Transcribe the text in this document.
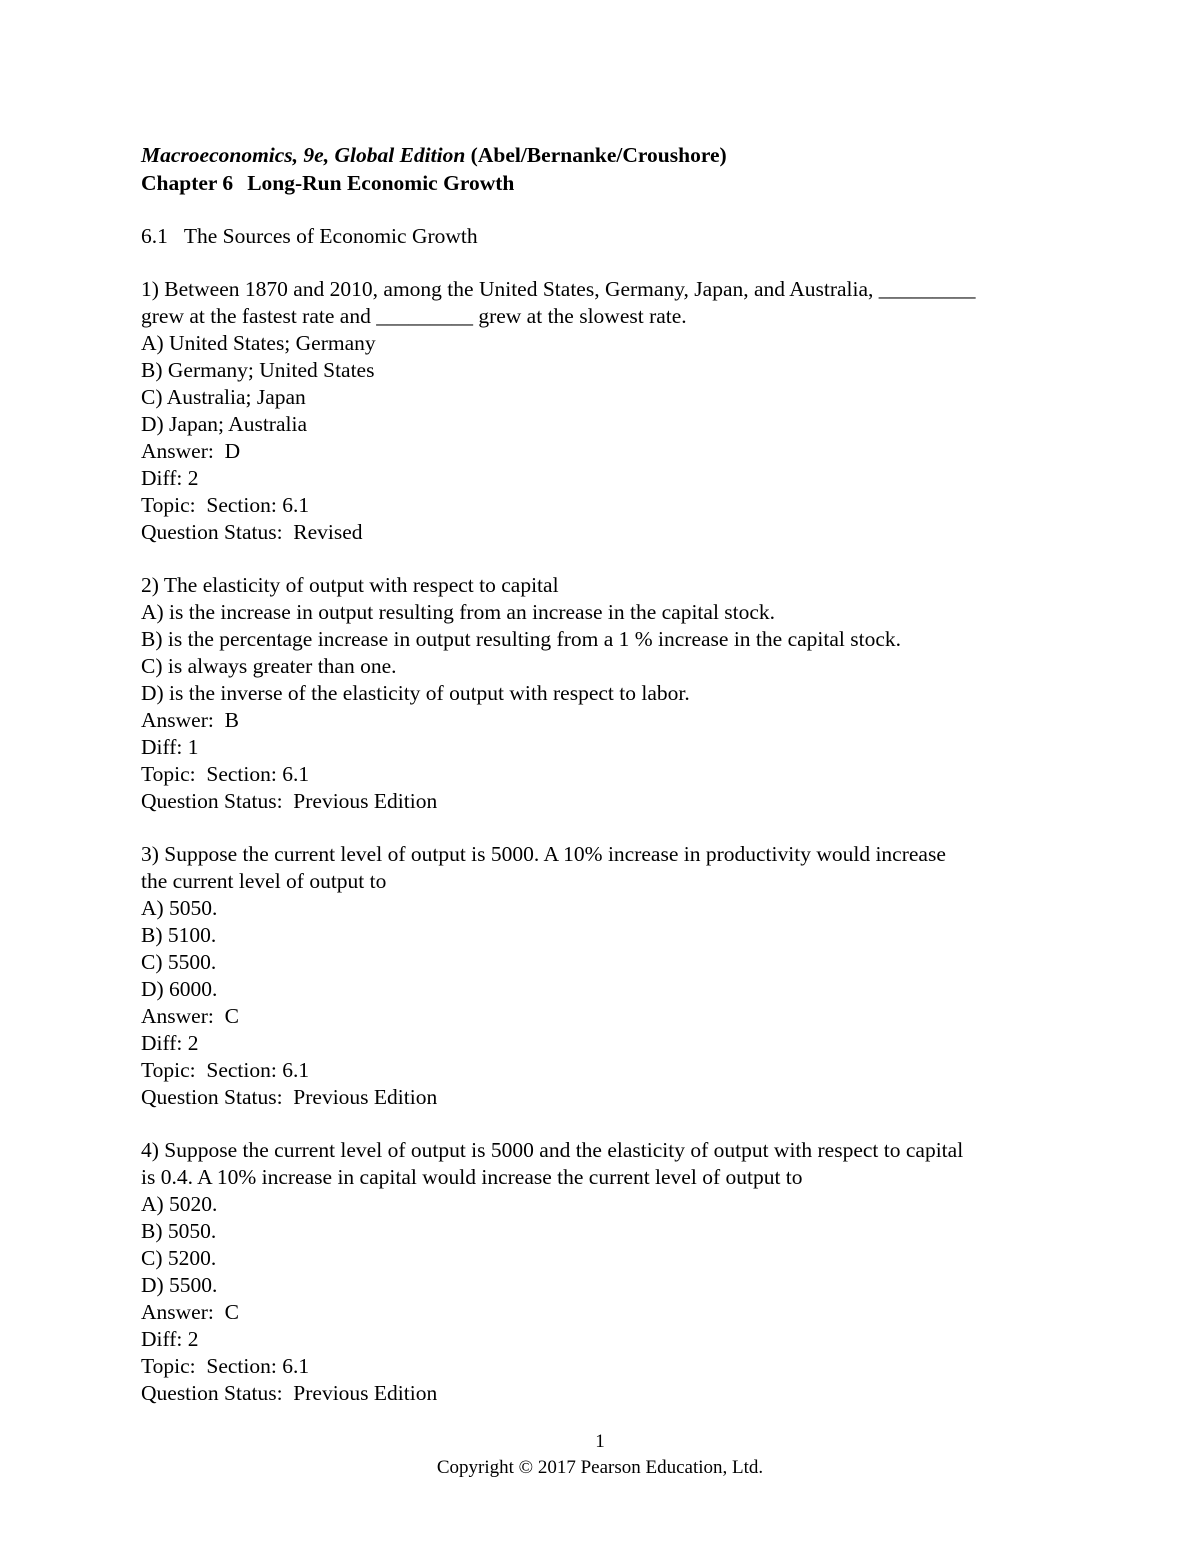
Macroeconomics, 9e, Global Edition (Abel/Bernanke/Croushore)
Chapter 6 Long-Run Economic Growth
6.1 The Sources of Economic Growth
1) Between 1870 and 2010, among the United States, Germany, Japan, and Australia, _________
grew at the fastest rate and _________ grew at the slowest rate.
A) United States; Germany
B) Germany; United States
C) Australia; Japan
D) Japan; Australia
Answer:  D
Diff: 2
Topic:  Section: 6.1
Question Status:  Revised
2) The elasticity of output with respect to capital
A) is the increase in output resulting from an increase in the capital stock.
B) is the percentage increase in output resulting from a 1 % increase in the capital stock.
C) is always greater than one.
D) is the inverse of the elasticity of output with respect to labor.
Answer:  B
Diff: 1
Topic:  Section: 6.1
Question Status:  Previous Edition
3) Suppose the current level of output is 5000. A 10% increase in productivity would increase
the current level of output to
A) 5050.
B) 5100.
C) 5500.
D) 6000.
Answer:  C
Diff: 2
Topic:  Section: 6.1
Question Status:  Previous Edition
4) Suppose the current level of output is 5000 and the elasticity of output with respect to capital
is 0.4. A 10% increase in capital would increase the current level of output to
A) 5020.
B) 5050.
C) 5200.
D) 5500.
Answer:  C
Diff: 2
Topic:  Section: 6.1
Question Status:  Previous Edition
1
Copyright © 2017 Pearson Education, Ltd.
